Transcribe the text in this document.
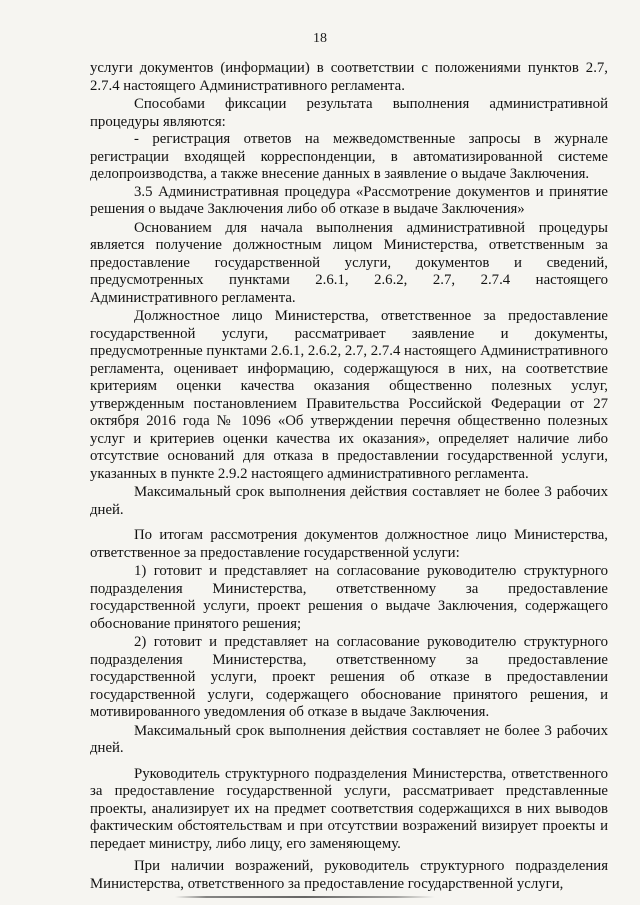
18

услуги документов (информации) в соответствии с положениями пунктов 2.7, 2.7.4 настоящего Административного регламента.

Способами фиксации результата выполнения административной процедуры являются:

- регистрация ответов на межведомственные запросы в журнале регистрации входящей корреспонденции, в автоматизированной системе делопроизводства, а также внесение данных в заявление о выдаче Заключения.

3.5 Административная процедура «Рассмотрение документов и принятие решения о выдаче Заключения либо об отказе в выдаче Заключения»

Основанием для начала выполнения административной процедуры является получение должностным лицом Министерства, ответственным за предоставление государственной услуги, документов и сведений, предусмотренных пунктами 2.6.1, 2.6.2, 2.7, 2.7.4 настоящего Административного регламента.

Должностное лицо Министерства, ответственное за предоставление государственной услуги, рассматривает заявление и документы, предусмотренные пунктами 2.6.1, 2.6.2, 2.7, 2.7.4 настоящего Административного регламента, оценивает информацию, содержащуюся в них, на соответствие критериям оценки качества оказания общественно полезных услуг, утвержденным постановлением Правительства Российской Федерации от 27 октября 2016 года № 1096 «Об утверждении перечня общественно полезных услуг и критериев оценки качества их оказания», определяет наличие либо отсутствие оснований для отказа в предоставлении государственной услуги, указанных в пункте 2.9.2 настоящего административного регламента.

Максимальный срок выполнения действия составляет не более 3 рабочих дней.

По итогам рассмотрения документов должностное лицо Министерства, ответственное за предоставление государственной услуги:

1) готовит и представляет на согласование руководителю структурного подразделения Министерства, ответственному за предоставление государственной услуги, проект решения о выдаче Заключения, содержащего обоснование принятого решения;

2) готовит и представляет на согласование руководителю структурного подразделения Министерства, ответственному за предоставление государственной услуги, проект решения об отказе в предоставлении государственной услуги, содержащего обоснование принятого решения, и мотивированного уведомления об отказе в выдаче Заключения.

Максимальный срок выполнения действия составляет не более 3 рабочих дней.

Руководитель структурного подразделения Министерства, ответственного за предоставление государственной услуги, рассматривает представленные проекты, анализирует их на предмет соответствия содержащихся в них выводов фактическим обстоятельствам и при отсутствии возражений визирует проекты и передает министру, либо лицу, его заменяющему.

При наличии возражений, руководитель структурного подразделения Министерства, ответственного за предоставление государственной услуги,
